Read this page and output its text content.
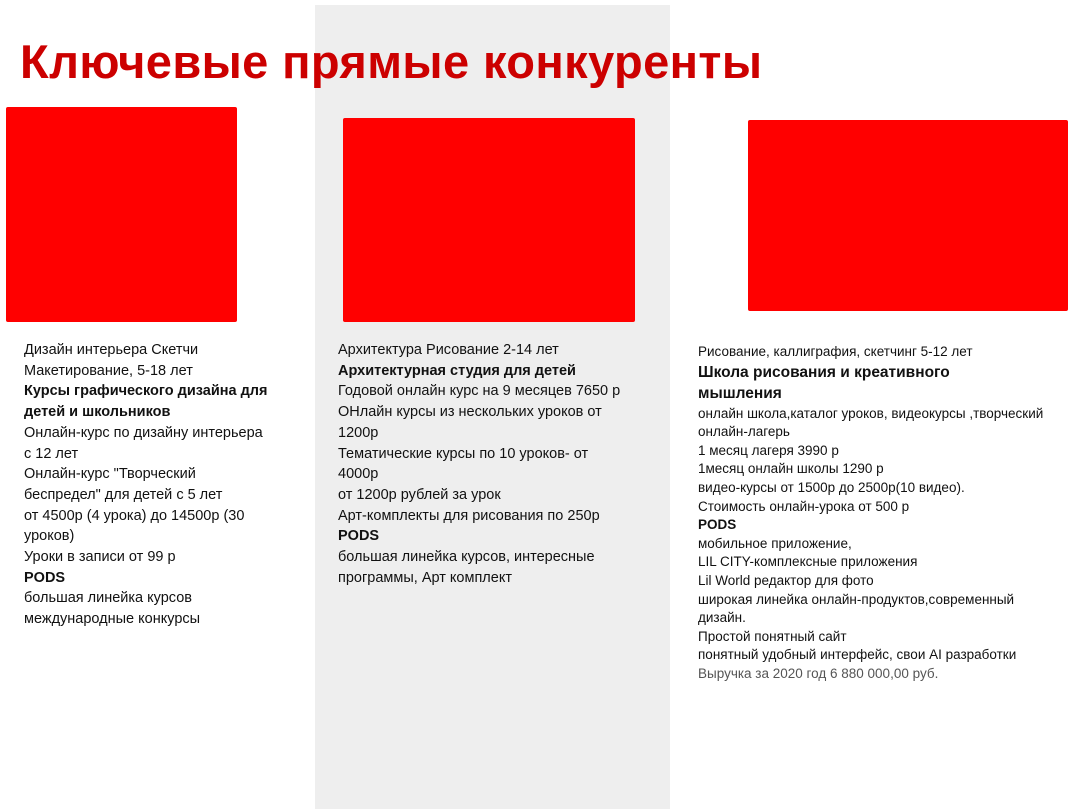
Ключевые прямые конкуренты
Дизайн интерьера Скетчи
Макетирование, 5-18 лет
Курсы графического дизайна для
детей и школьников
Онлайн-курс по дизайну интерьера
с 12 лет
Онлайн-курс "Творческий
беспредел" для детей с 5 лет
от 4500р (4 урока) до 14500р (30
уроков)
Уроки в записи от 99 р
PODS
большая линейка курсов
международные конкурсы
Архитектура Рисование 2-14 лет
Архитектурная студия для детей
Годовой онлайн курс на 9 месяцев 7650 р
ОНлайн курсы из нескольких уроков от
1200р
Тематические курсы по 10 уроков- от
4000р
от 1200р рублей за урок
Арт-комплекты для рисования по 250р
PODS
большая линейка курсов, интересные
программы, Арт комплект
Рисование, каллиграфия, скетчинг 5-12 лет
Школа рисования и креативного
мышления
онлайн школа,каталог уроков, видеокурсы ,творческий
онлайн-лагерь
1 месяц лагеря 3990 р
1месяц онлайн школы 1290 р
видео-курсы от 1500р до 2500р(10 видео).
Стоимость онлайн-урока от 500 р
PODS
мобильное приложение,
LIL CITY-комплексные приложения
Lil World редактор для фото
широкая линейка онлайн-продуктов,современный
дизайн.
Простой понятный сайт
понятный удобный интерфейс, свои AI разработки
Выручка за 2020 год 6 880 000,00 руб.
